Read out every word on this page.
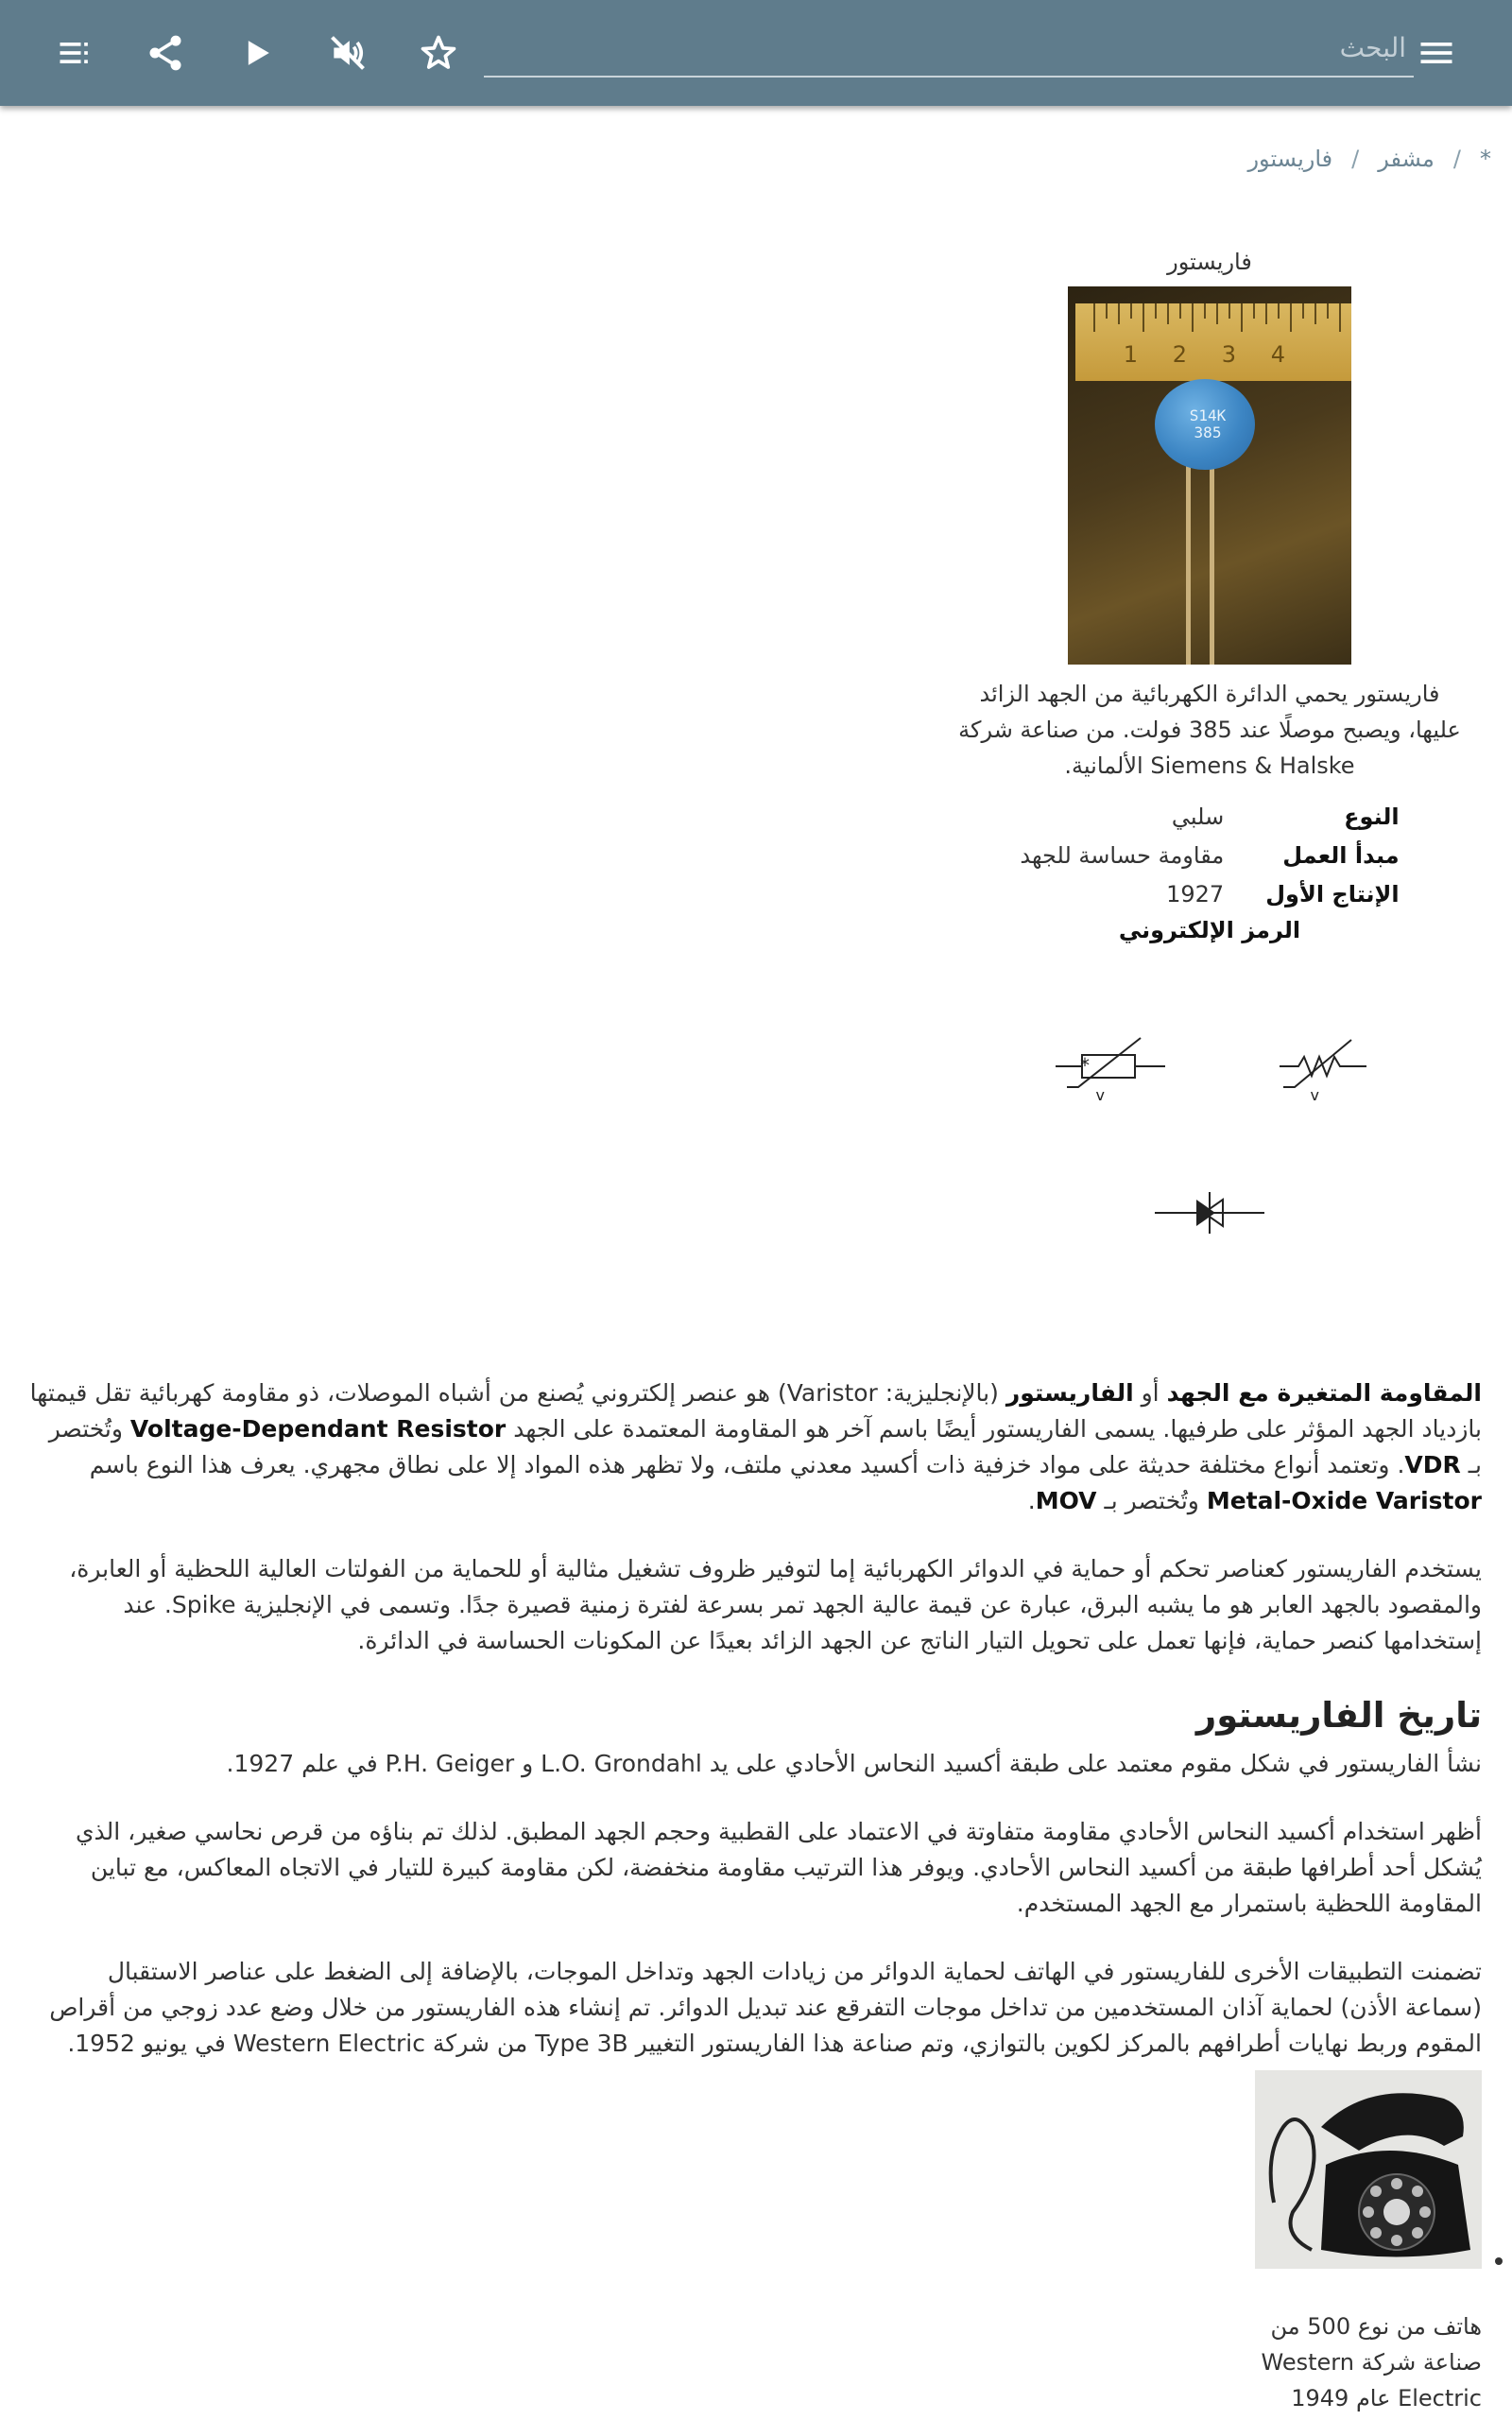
البحث
*
/
مشفر
/
فاريستور
فاريستور
1 2 3 4
S14K 385
فاريستور يحمي الدائرة الكهربائية من الجهد الزائد عليها، ويصبح موصلًا عند 385 فولت. من صناعة شركة Siemens & Halske الألمانية.
النوع	سلبي
مبدأ العمل	مقاومة حساسة للجهد
الإنتاج الأول	1927
الرمز الإلكتروني
*
v	v

المقاومة المتغيرة مع الجهد أو الفاريستور (بالإنجليزية: Varistor) هو عنصر إلكتروني يُصنع من أشباه الموصلات، ذو مقاومة كهربائية تقل قيمتها بازدياد الجهد المؤثر على طرفيها. يسمى الفاريستور أيضًا باسم آخر هو المقاومة المعتمدة على الجهد Voltage-Dependant Resistor وتُختصر بـ VDR. وتعتمد أنواع مختلفة حديثة على مواد خزفية ذات أكسيد معدني ملتف، ولا تظهر هذه المواد إلا على نطاق مجهري. يعرف هذا النوع باسم Metal-Oxide Varistor وتُختصر بـ MOV.

يستخدم الفاريستور كعناصر تحكم أو حماية في الدوائر الكهربائية إما لتوفير ظروف تشغيل مثالية أو للحماية من الفولتات العالية اللحظية أو العابرة، والمقصود بالجهد العابر هو ما يشبه البرق، عبارة عن قيمة عالية الجهد تمر بسرعة لفترة زمنية قصيرة جدًا. وتسمى في الإنجليزية Spike. عند إستخدامها كنصر حماية، فإنها تعمل على تحويل التيار الناتج عن الجهد الزائد بعيدًا عن المكونات الحساسة في الدائرة.

تاريخ الفاريستور

نشأ الفاريستور في شكل مقوم معتمد على طبقة أكسيد النحاس الأحادي على يد L.O. Grondahl و P.H. Geiger في علم 1927.

أظهر استخدام أكسيد النحاس الأحادي مقاومة متفاوتة في الاعتماد على القطبية وحجم الجهد المطبق. لذلك تم بناؤه من قرص نحاسي صغير، الذي يُشكل أحد أطرافها طبقة من أكسيد النحاس الأحادي. ويوفر هذا الترتيب مقاومة منخفضة، لكن مقاومة كبيرة للتيار في الاتجاه المعاكس، مع تباين المقاومة اللحظية باستمرار مع الجهد المستخدم.

تضمنت التطبيقات الأخرى للفاريستور في الهاتف لحماية الدوائر من زيادات الجهد وتداخل الموجات، بالإضافة إلى الضغط على عناصر الاستقبال (سماعة الأذن) لحماية آذان المستخدمين من تداخل موجات التفرقع عند تبديل الدوائر. تم إنشاء هذه الفاريستور من خلال وضع عدد زوجي من أقراص المقوم وربط نهايات أطرافهم بالمركز لكوين بالتوازي، وتم صناعة هذا الفاريستور التغيير Type 3B من شركة Western Electric في يونيو 1952.

هاتف من نوع 500 من صناعة شركة Western Electric عام 1949
